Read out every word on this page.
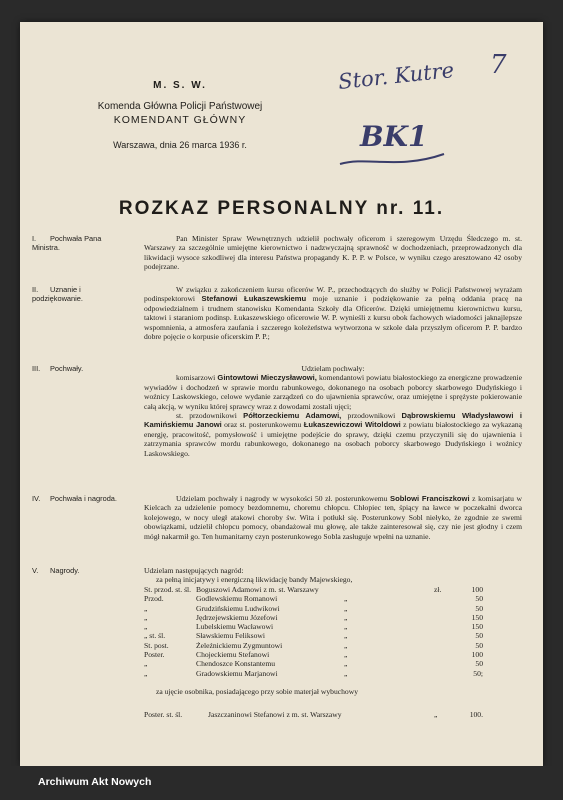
M. S. W.
Komenda Główna Policji Państwowej
KOMENDANT GŁÓWNY
Warszawa, dnia 26 marca 1936 r.
Stor. Kutre 7
BK1
ROZKAZ PERSONALNY nr. 11.
I. Pochwała Pana Ministra.

Pan Minister Spraw Wewnętrznych udzielił pochwały oficerom i szeregowym Urzędu Śledczego m. st. Warszawy za szczególnie umiejętne kierownictwo i nadzwyczajną sprawność w dochodzeniach, przeprowadzonych dla likwidacji wysoce szkodliwej dla interesu Państwa propagandy K. P. P. w Polsce, w wyniku czego aresztowano 42 osoby podejrzane.

II. Uznanie i podziękowanie.

W związku z zakończeniem kursu oficerów W. P., przechodzących do służby w Policji Państwowej wyrażam podinspektorowi Stefanowi Łukaszewskiemu moje uznanie i podziękowanie za pełną oddania pracę na odpowiedzialnem i trudnem stanowisku Komendanta Szkoły dla Oficerów. Dzięki umiejętnemu kierownictwu kursu, taktowi i staraniom podinsp. Łukaszewskiego oficerowie W. P. wynieśli z kursu obok fachowych wiadomości jaknajlepsze wspomnienia, a atmosfera zaufania i szczerego koleżeństwa wytworzona w szkole dała przyszłym oficerom P. P. bardzo dobre pojęcie o korpusie oficerskim P. P.;

III. Pochwały.	Udzielam pochwały:

komisarzowi Gintowtowi Mieczysławowi, komendantowi powiatu białostockiego za energiczne prowadzenie wywiadów i dochodzeń w sprawie mordu rabunkowego, dokonanego na osobach poborcy skarbowego Dudyńskiego i woźnicy Laskowskiego, celowe wydanie zarządzeń co do ujawnienia sprawców, oraz umiejętne i sprężyste pokierowanie całą akcją, w wyniku której sprawcy wraz z dowodami zostali ujęci;

st. przodownikowi Półtorzeckiemu Adamowi, przodownikowi Dąbrowskiemu Władysławowi i Kamińskiemu Janowi oraz st. posterunkowemu Łukaszewiczowi Witoldowi z powiatu białostockiego za wykazaną energję, pracowitość, pomysłowość i umiejętne podejście do sprawy, dzięki czemu przyczynili się do ujawnienia i zatrzymania sprawców mordu rabunkowego, dokonanego na osobach poborcy skarbowego Dudyńskiego i woźnicy Laskowskiego.

IV. Pochwała i nagroda.	Udzielam pochwały i nagrody w wysokości 50 zł. posterunkowemu Soblowi Franciszkowi z komisarjatu w Kielcach za udzielenie pomocy bezdomnemu, choremu chłopcu. Chłopiec ten, śpiący na ławce w poczekalni dworca kolejowego, w nocy uległ atakowi choroby św. Wita i potłukł się. Posterunkowy Sobl niełyko, że zgodnie ze swemi obowiązkami, udzielił chłopcu pomocy, obandażował mu głowę, ale także zainteresował się, czy nie jest głodny i czem mógł nakarmił go. Ten humanitarny czyn posterunkowego Sobla zasługuje wpełni na uznanie.

V. Nagrody.	Udzielam następujących nagród:

za pełną inicjatywy i energiczną likwidację bandy Majewskiego,

St. przod. st. śl. Boguszowi Adamowi z m. st. Warszawy	zł.	100
Przod.	Godlewskiemu Romanowi	„	50
„	Grudzińskiemu Ludwikowi	„	50
„	Jędrzejewskiemu Józefowi	„	150
„	Lubelskiemu Wacławowi	„	150
„ st. śl.	Sławskiemu Feliksowi	„	50
St. post.	Żeleźnickiemu Zygmuntowi	„	50
Poster.	Chojeckiemu Stefanowi	„	100
„	Chendoszce Konstantemu	„	50
„	Gradowskiemu Marjanowi	„	50;

za ujęcie osobnika, posiadającego przy sobie materjał wybuchowy

Poster. st. śl.	Jaszczaninowi Stefanowi z m. st. Warszawy	„	100.
Archiwum Akt Nowych
